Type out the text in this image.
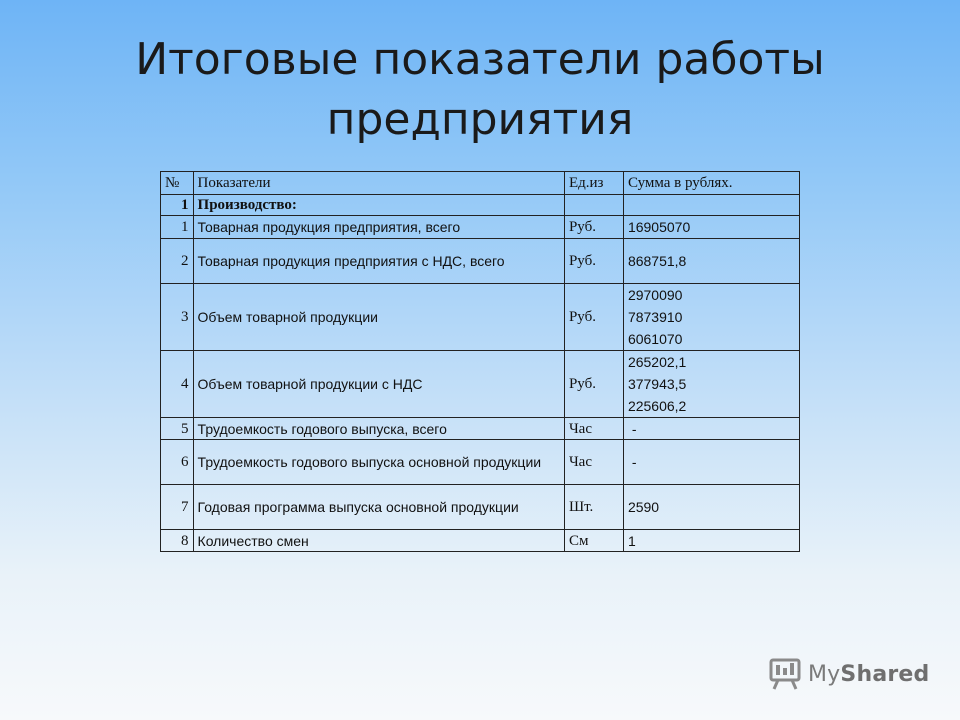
Итоговые показатели работы
предприятия
№	Показатели	Ед.из	Сумма в рублях.
1	Производство:		

1	Товарная продукция предприятия, всего	Руб.	16905070

2	Товарная продукция предприятия с НДС, всего	Руб.	868751,8

3	Объем товарной продукции	Руб.	2970090
7873910
6061070

4	Объем товарной продукции с НДС	Руб.	265202,1
377943,5
225606,2

5	Трудоемкость годового выпуска, всего	Час	-

6	Трудоемкость годового выпуска основной продукции	Час	-

7	Годовая программа выпуска основной продукции	Шт.	2590

8	Количество смен	См	1
MyShared
